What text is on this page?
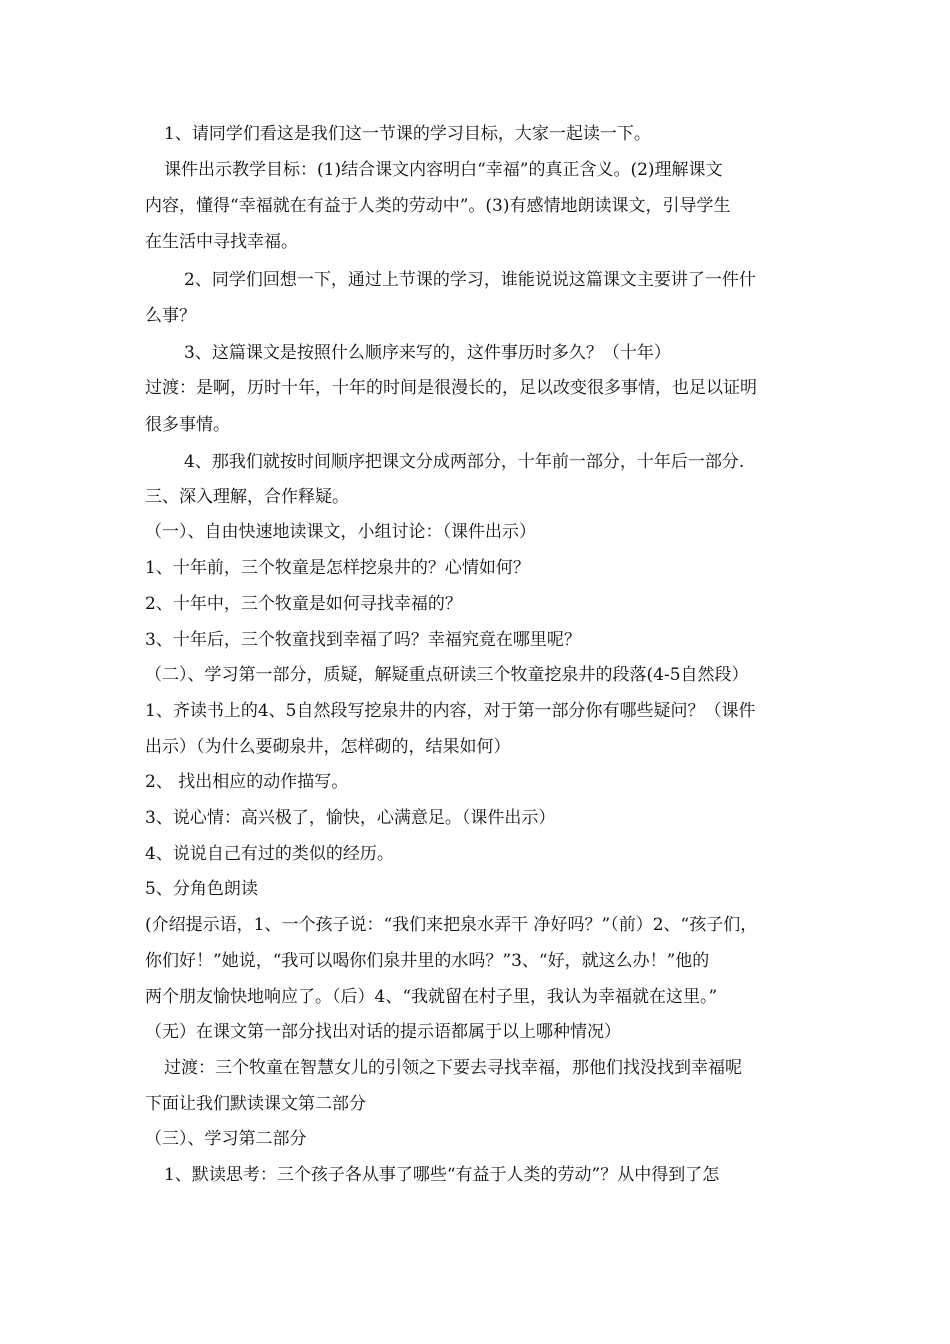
1、请同学们看这是我们这一节课的学习目标，大家一起读一下。
课件出示教学目标：(1)结合课文内容明白“幸福”的真正含义。(2)理解课文
内容，懂得“幸福就在有益于人类的劳动中”。(3)有感情地朗读课文，引导学生
在生活中寻找幸福。
2、同学们回想一下，通过上节课的学习，谁能说说这篇课文主要讲了一件什
么事？
3、这篇课文是按照什么顺序来写的，这件事历时多久？（十年）
过渡：是啊，历时十年，十年的时间是很漫长的，足以改变很多事情，也足以证明
很多事情。
4、那我们就按时间顺序把课文分成两部分，十年前一部分，十年后一部分.
三、深入理解，合作释疑。
（一）、自由快速地读课文，小组讨论：（课件出示）
1、十年前，三个牧童是怎样挖泉井的？心情如何？
2、十年中，三个牧童是如何寻找幸福的？
3、十年后，三个牧童找到幸福了吗？幸福究竟在哪里呢？
（二）、学习第一部分，质疑，解疑重点研读三个牧童挖泉井的段落(4-5自然段）
1、齐读书上的4、5自然段写挖泉井的内容，对于第一部分你有哪些疑问？（课件
出示）（为什么要砌泉井，怎样砌的，结果如何）
2、 找出相应的动作描写。
3、说心情：高兴极了，愉快，心满意足。（课件出示）
4、说说自己有过的类似的经历。
5、分角色朗读
(介绍提示语，1、一个孩子说：“我们来把泉水弄干 净好吗？”（前）2、“孩子们，
你们好！”她说，“我可以喝你们泉井里的水吗？”3、“好，就这么办！”他的
两个朋友愉快地响应了。（后）4、“我就留在村子里，我认为幸福就在这里。”
（无）在课文第一部分找出对话的提示语都属于以上哪种情况）
过渡：三个牧童在智慧女儿的引领之下要去寻找幸福，那他们找没找到幸福呢
下面让我们默读课文第二部分
（三）、学习第二部分
1、默读思考：三个孩子各从事了哪些“有益于人类的劳动”？从中得到了怎
